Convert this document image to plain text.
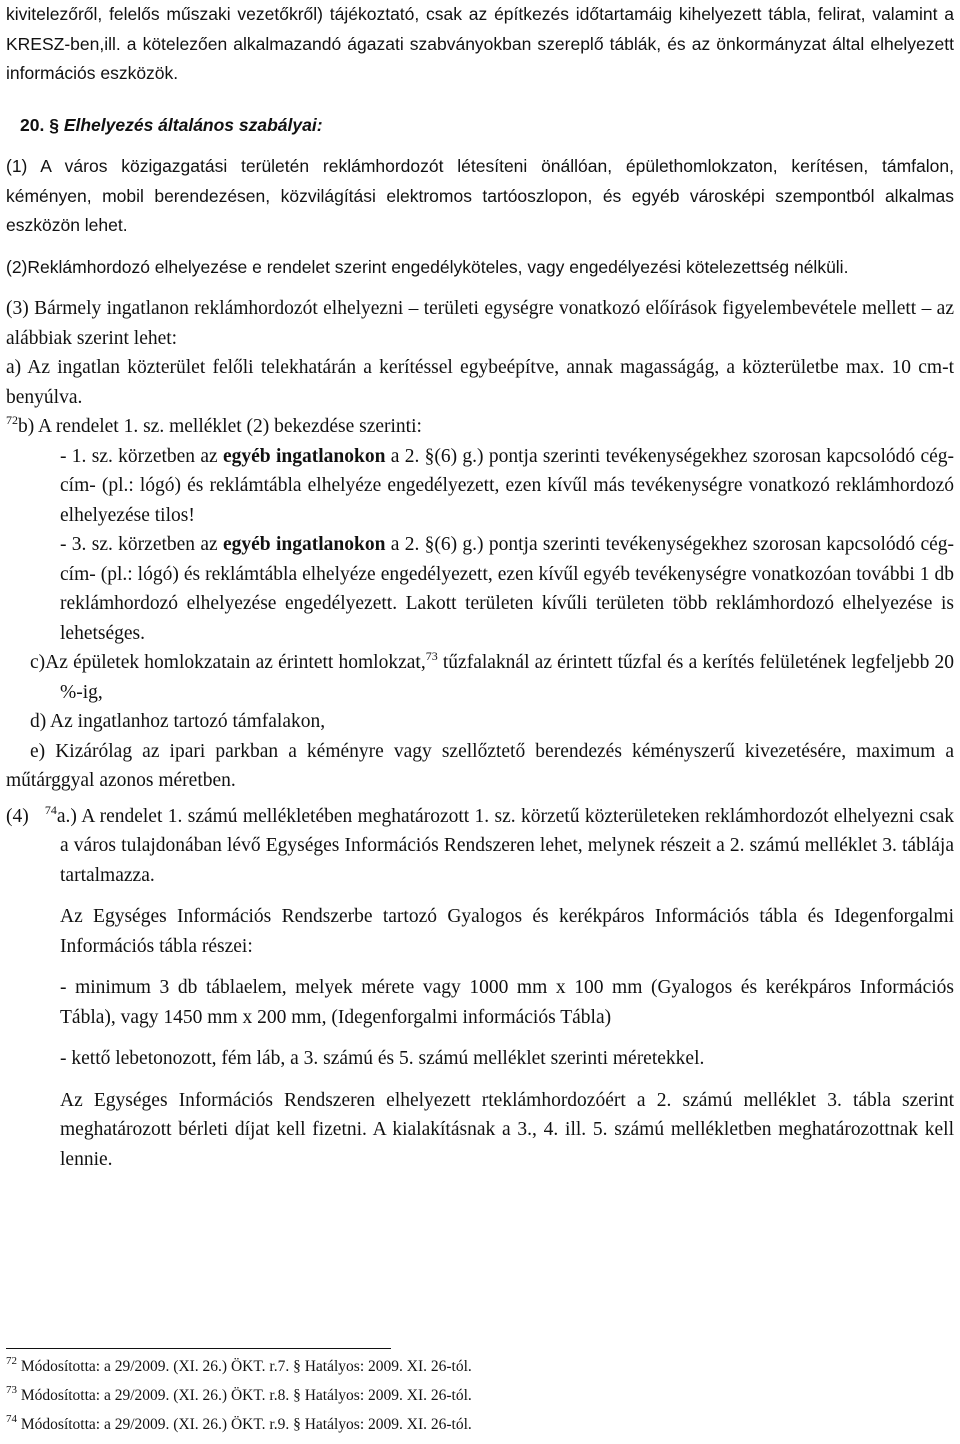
kivitelezőről, felelős műszaki vezetőkről) tájékoztató, csak az építkezés időtartamáig kihelyezett tábla, felirat, valamint a KRESZ-ben,ill. a kötelezően alkalmazandó ágazati szabványokban szereplő táblák, és az önkormányzat által elhelyezett információs eszközök.

20. § Elhelyezés általános szabályai:

(1) A város közigazgatási területén reklámhordozót létesíteni önállóan, épülethomlokzaton, kerítésen, támfalon, kéményen, mobil berendezésen, közvilágítási elektromos tartóoszlopon, és egyéb városképi szempontból alkalmas eszközön lehet.

(2)Reklámhordozó elhelyezése e rendelet szerint engedélyköteles, vagy engedélyezési kötelezettség nélküli.

(3) Bármely ingatlanon reklámhordozót elhelyezni – területi egységre vonatkozó előírások figyelembevétele mellett – az alábbiak szerint lehet:

a) Az ingatlan közterület felőli telekhatárán a kerítéssel egybeépítve, annak magasságág, a közterületbe max. 10 cm-t benyúlva.

$^{72}$b) A rendelet 1. sz. melléklet (2) bekezdése szerinti:

- 1. sz. körzetben az egyéb ingatlanokon a 2. §(6) g.) pontja szerinti tevékenységekhez szorosan kapcsolódó cég- cím- (pl.: lógó) és reklámtábla elhelyéze engedélyezett, ezen kívűl más tevékenységre vonatkozó reklámhordozó elhelyezése tilos!

- 3. sz. körzetben az egyéb ingatlanokon a 2. §(6) g.) pontja szerinti tevékenységekhez szorosan kapcsolódó cég- cím- (pl.: lógó) és reklámtábla elhelyéze engedélyezett, ezen kívűl egyéb tevékenységre vonatkozóan további 1 db reklámhordozó elhelyezése engedélyezett. Lakott területen kívűli területen több reklámhordozó elhelyezése is lehetséges.

c)Az épületek homlokzatain az érintett homlokzat,$^{73}$ tűzfalaknál az érintett tűzfal és a kerítés felületének legfeljebb 20 %-ig,

d) Az ingatlanhoz tartozó támfalakon,

e) Kizárólag az ipari parkban a kéményre vagy szellőztető berendezés kéményszerű kivezetésére, maximum a műtárggyal azonos méretben.

(4) $^{74}$a.) A rendelet 1. számú mellékletében meghatározott 1. sz. körzetű közterületeken reklámhordozót elhelyezni csak a város tulajdonában lévő Egységes Információs Rendszeren lehet, melynek részeit a 2. számú melléklet 3. táblája tartalmazza.

Az Egységes Információs Rendszerbe tartozó Gyalogos és kerékpáros Információs tábla és Idegenforgalmi Információs tábla részei:

- minimum 3 db táblaelem, melyek mérete vagy 1000 mm x 100 mm (Gyalogos és kerékpáros Információs Tábla), vagy 1450 mm x 200 mm, (Idegenforgalmi információs Tábla)

- kettő lebetonozott, fém láb, a 3. számú és 5. számú melléklet szerinti méretekkel.

Az Egységes Információs Rendszeren elhelyezett rteklámhordozóért a 2. számú melléklet 3. tábla szerint meghatározott bérleti díjat kell fizetni. A kialakításnak a 3., 4. ill. 5. számú mellékletben meghatározottnak kell lennie.

$^{72}$ Módosította: a 29/2009. (XI. 26.) ÖKT. r.7. § Hatályos: 2009. XI. 26-tól.
$^{73}$ Módosította: a 29/2009. (XI. 26.) ÖKT. r.8. § Hatályos: 2009. XI. 26-tól.
$^{74}$ Módosította: a 29/2009. (XI. 26.) ÖKT. r.9. § Hatályos: 2009. XI. 26-tól.
